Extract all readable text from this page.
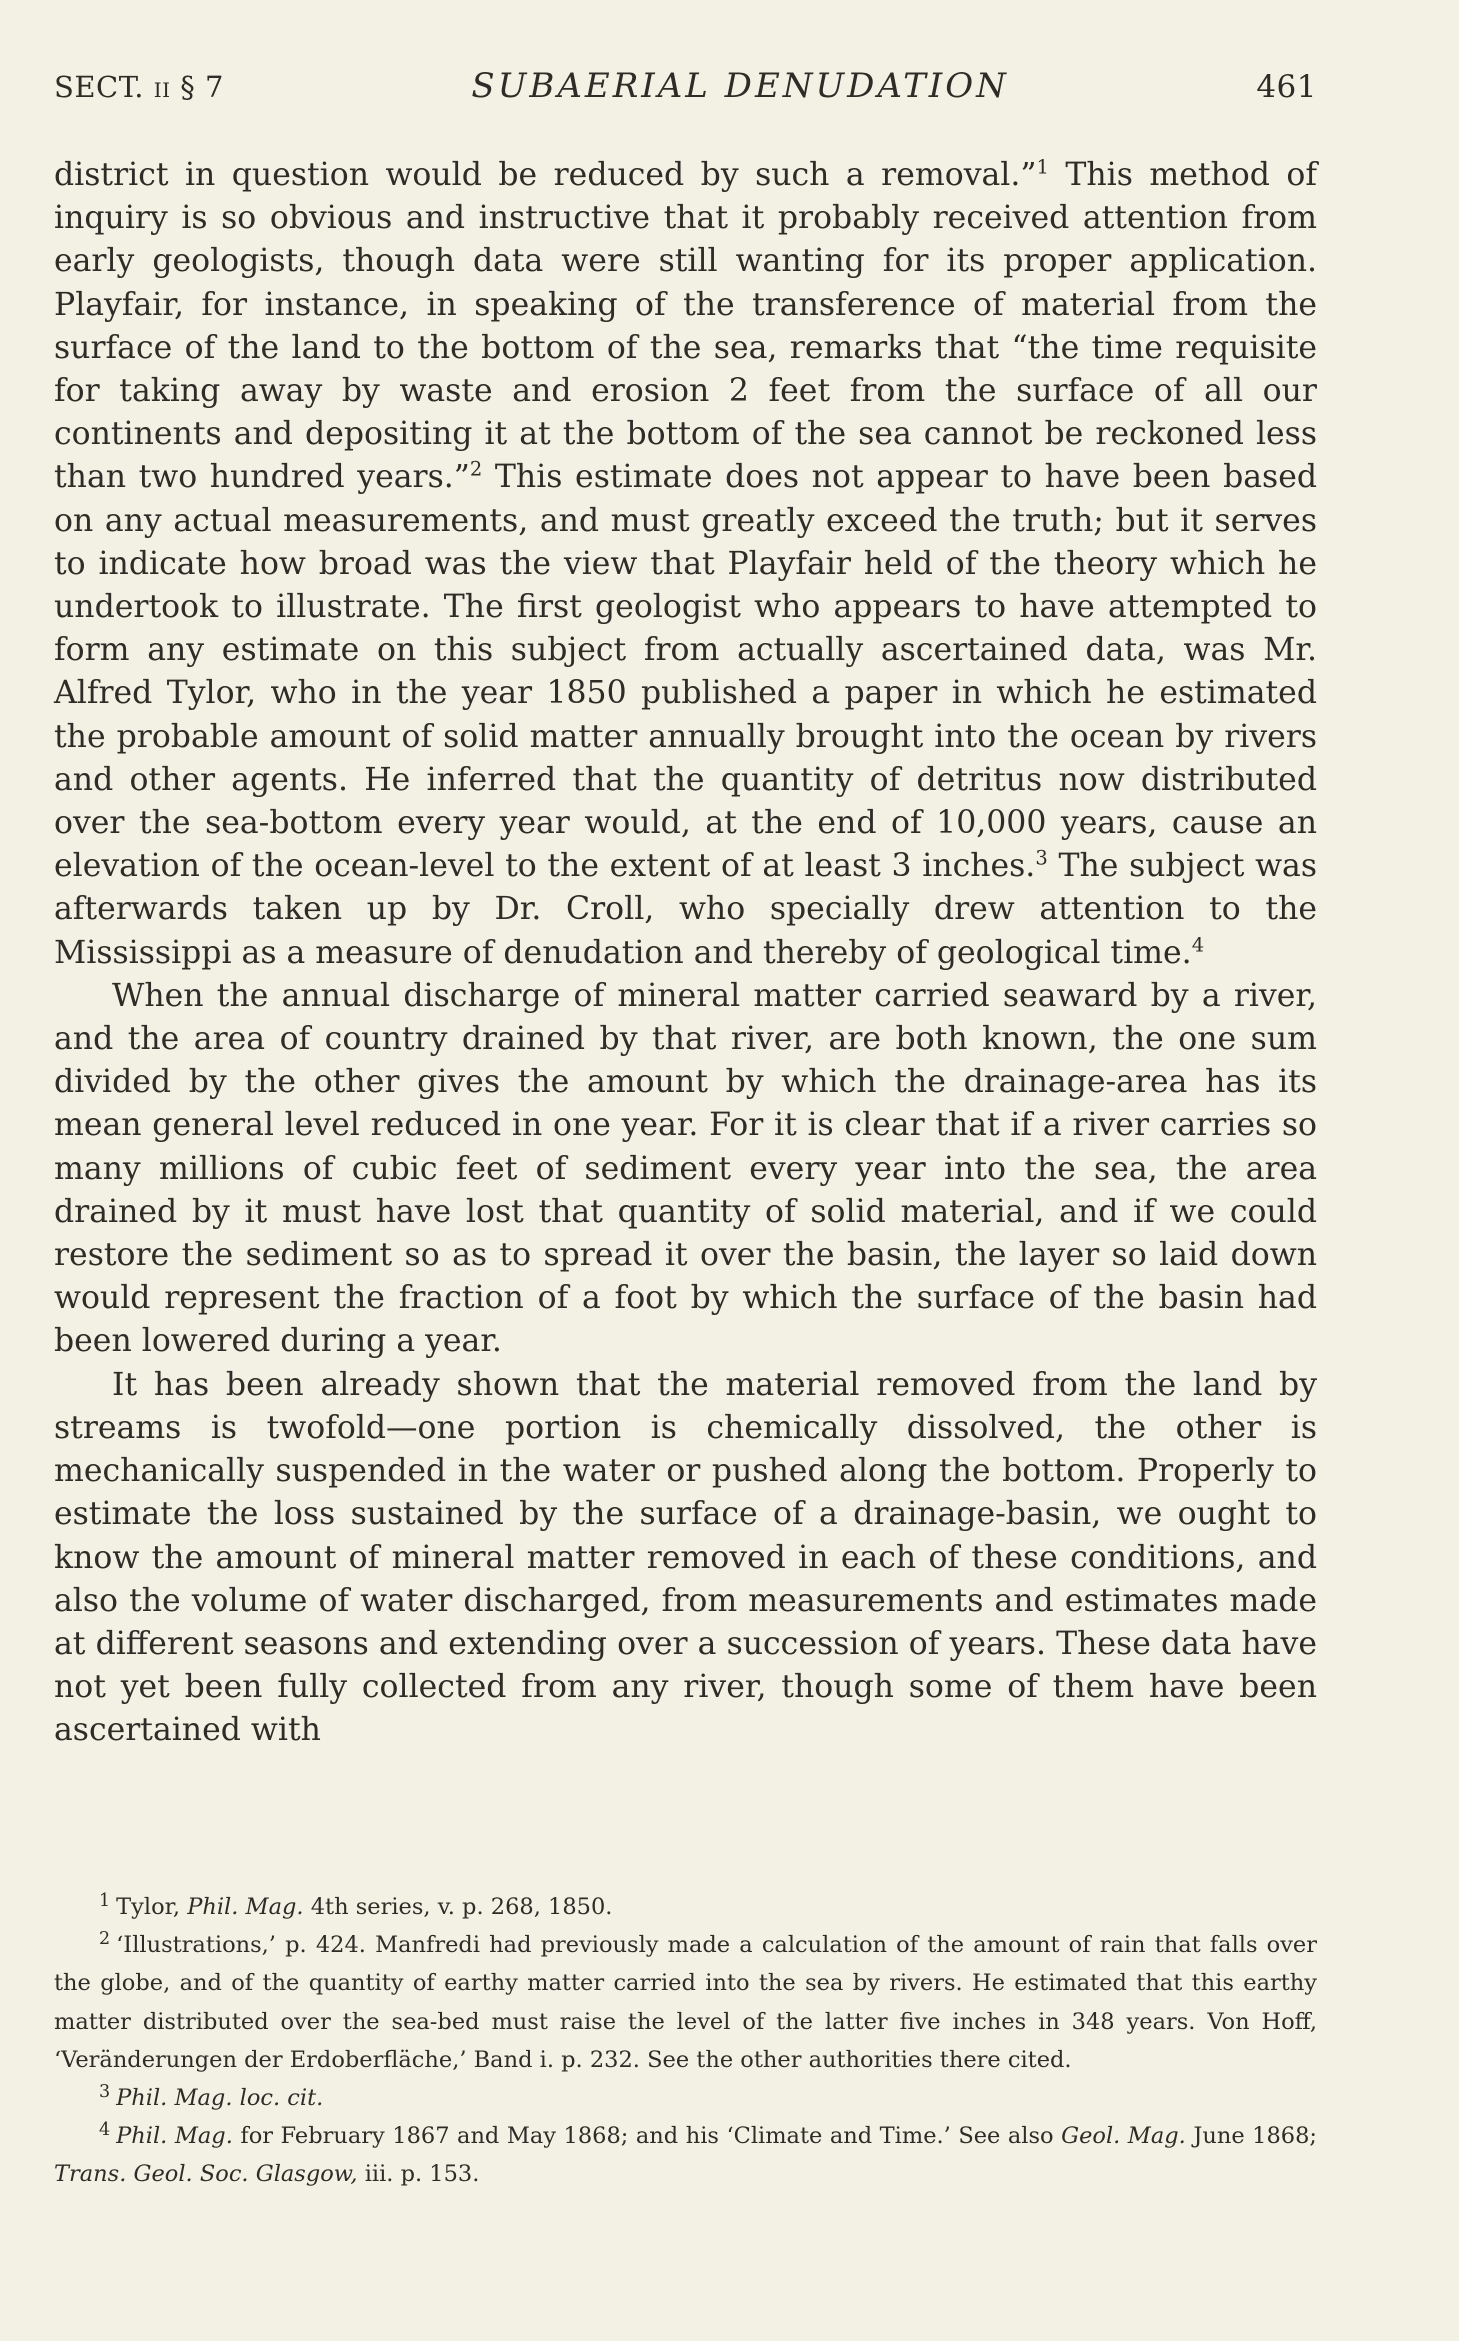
SECT. ii § 7	SUBAERIAL DENUDATION	461

district in question would be reduced by such a removal.”$^1$ This method of inquiry is so obvious and instructive that it probably received attention from early geologists, though data were still wanting for its proper application. Playfair, for instance, in speaking of the transference of material from the surface of the land to the bottom of the sea, remarks that “the time requisite for taking away by waste and erosion 2 feet from the surface of all our continents and depositing it at the bottom of the sea cannot be reckoned less than two hundred years.”$^2$ This estimate does not appear to have been based on any actual measurements, and must greatly exceed the truth; but it serves to indicate how broad was the view that Playfair held of the theory which he undertook to illustrate. The first geologist who appears to have attempted to form any estimate on this subject from actually ascertained data, was Mr. Alfred Tylor, who in the year 1850 published a paper in which he estimated the probable amount of solid matter annually brought into the ocean by rivers and other agents. He inferred that the quantity of detritus now distributed over the sea-bottom every year would, at the end of 10,000 years, cause an elevation of the ocean-level to the extent of at least 3 inches.$^3$ The subject was afterwards taken up by Dr. Croll, who specially drew attention to the Mississippi as a measure of denudation and thereby of geological time.$^4$

When the annual discharge of mineral matter carried seaward by a river, and the area of country drained by that river, are both known, the one sum divided by the other gives the amount by which the drainage-area has its mean general level reduced in one year. For it is clear that if a river carries so many millions of cubic feet of sediment every year into the sea, the area drained by it must have lost that quantity of solid material, and if we could restore the sediment so as to spread it over the basin, the layer so laid down would represent the fraction of a foot by which the surface of the basin had been lowered during a year.

It has been already shown that the material removed from the land by streams is twofold—one portion is chemically dissolved, the other is mechanically suspended in the water or pushed along the bottom. Properly to estimate the loss sustained by the surface of a drainage-basin, we ought to know the amount of mineral matter removed in each of these conditions, and also the volume of water discharged, from measurements and estimates made at different seasons and extending over a succession of years. These data have not yet been fully collected from any river, though some of them have been ascertained with

$^1$ Tylor, Phil. Mag. 4th series, v. p. 268, 1850.

$^2$ ‘Illustrations,’ p. 424. Manfredi had previously made a calculation of the amount of rain that falls over the globe, and of the quantity of earthy matter carried into the sea by rivers. He estimated that this earthy matter distributed over the sea-bed must raise the level of the latter five inches in 348 years. Von Hoff, ‘Veränderungen der Erdoberfläche,’ Band i. p. 232. See the other authorities there cited.

$^3$ Phil. Mag. loc. cit.

$^4$ Phil. Mag. for February 1867 and May 1868; and his ‘Climate and Time.’ See also Geol. Mag. June 1868; Trans. Geol. Soc. Glasgow, iii. p. 153.
